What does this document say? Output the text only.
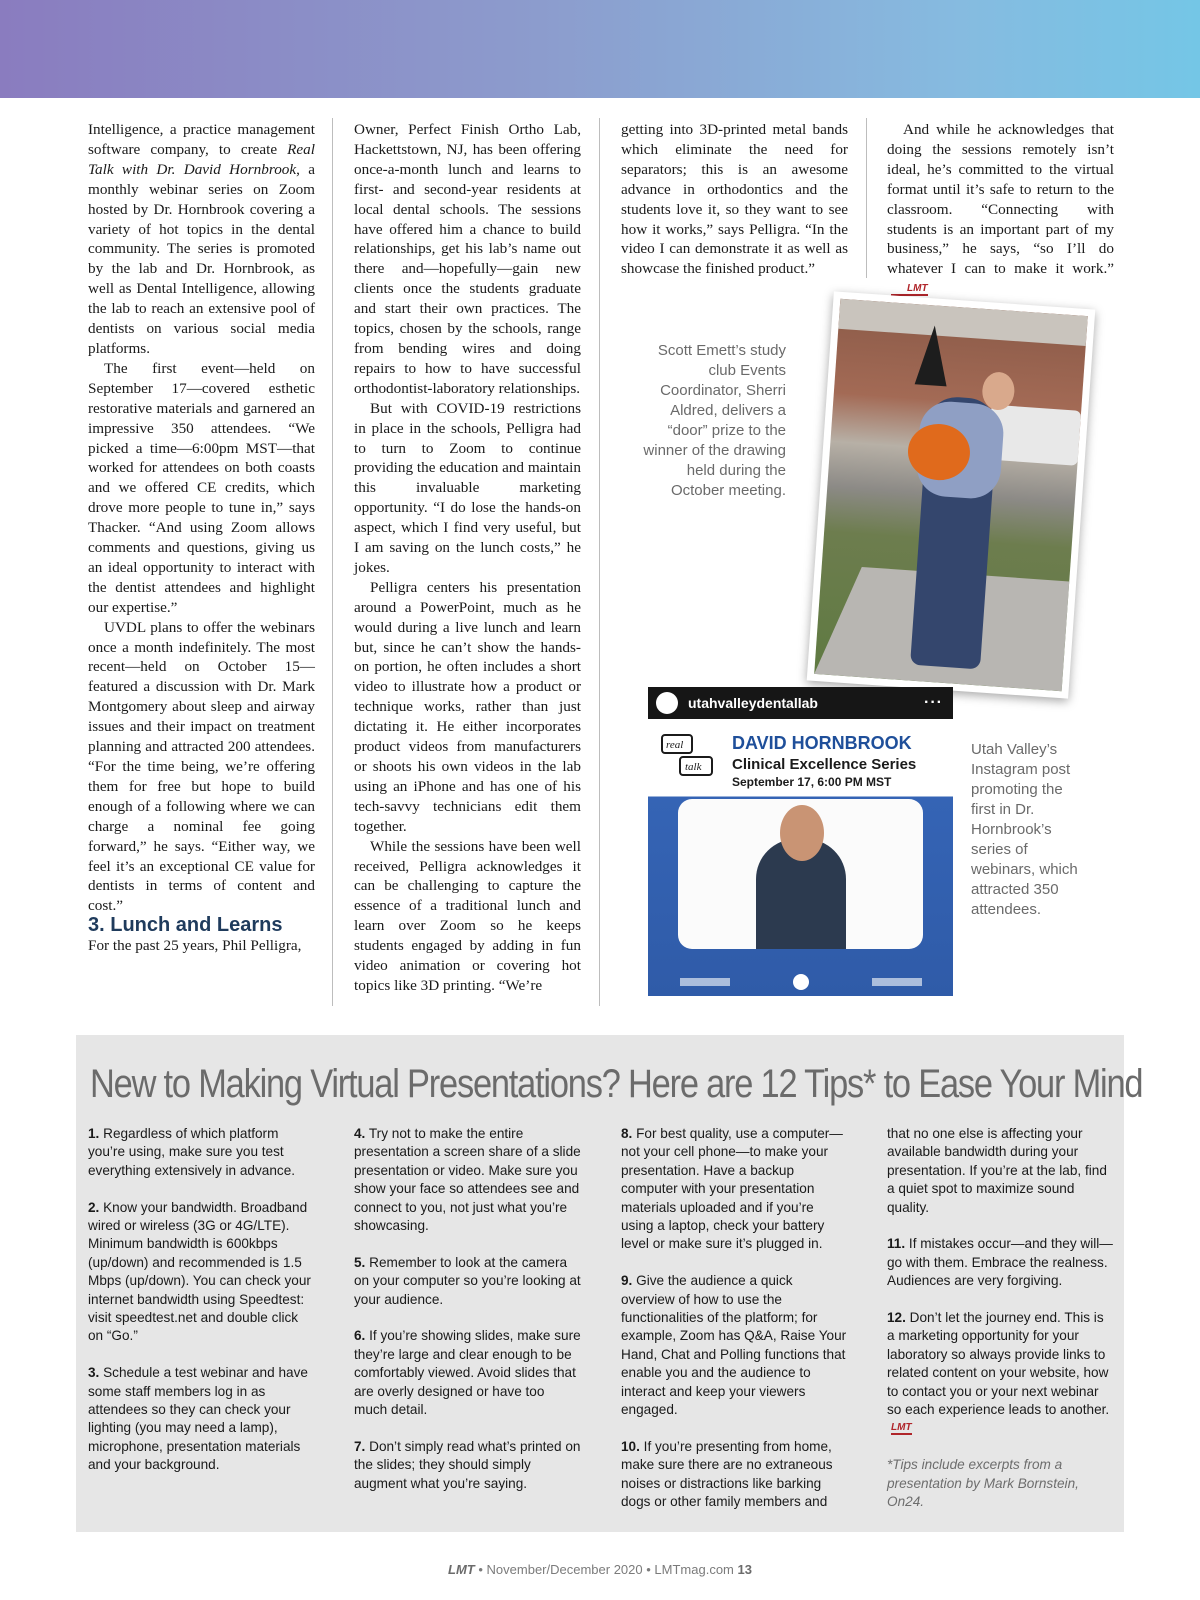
Intelligence, a practice management software company, to create Real Talk with Dr. David Hornbrook, a monthly webinar series on Zoom hosted by Dr. Hornbrook covering a variety of hot topics in the dental community. The series is promoted by the lab and Dr. Hornbrook, as well as Dental Intelligence, allowing the lab to reach an extensive pool of dentists on various social media platforms.

The first event—held on September 17—covered esthetic restorative materials and garnered an impressive 350 attendees. “We picked a time—6:00pm MST—that worked for attendees on both coasts and we offered CE credits, which drove more people to tune in,” says Thacker. “And using Zoom allows comments and questions, giving us an ideal opportunity to interact with the dentist attendees and highlight our expertise.”

UVDL plans to offer the webinars once a month indefinitely. The most recent—held on October 15—featured a discussion with Dr. Mark Montgomery about sleep and airway issues and their impact on treatment planning and attracted 200 attendees. “For the time being, we’re offering them for free but hope to build enough of a following where we can charge a nominal fee going forward,” he says. “Either way, we feel it’s an exceptional CE value for dentists in terms of content and cost.”

3. Lunch and Learns

For the past 25 years, Phil Pelligra,

Owner, Perfect Finish Ortho Lab, Hackettstown, NJ, has been offering once-a-month lunch and learns to first- and second-year residents at local dental schools. The sessions have offered him a chance to build relationships, get his lab’s name out there and—hopefully—gain new clients once the students graduate and start their own practices. The topics, chosen by the schools, range from bending wires and doing repairs to how to have successful orthodontist-laboratory relationships.

But with COVID-19 restrictions in place in the schools, Pelligra had to turn to Zoom to continue providing the education and maintain this invaluable marketing opportunity. “I do lose the hands-on aspect, which I find very useful, but I am saving on the lunch costs,” he jokes.

Pelligra centers his presentation around a PowerPoint, much as he would during a live lunch and learn but, since he can’t show the hands-on portion, he often includes a short video to illustrate how a product or technique works, rather than just dictating it. He either incorporates product videos from manufacturers or shoots his own videos in the lab using an iPhone and has one of his tech-savvy technicians edit them together.

While the sessions have been well received, Pelligra acknowledges it can be challenging to capture the essence of a traditional lunch and learn over Zoom so he keeps students engaged by adding in fun video animation or covering hot topics like 3D printing. “We’re

getting into 3D-printed metal bands which eliminate the need for separators; this is an awesome advance in orthodontics and the students love it, so they want to see how it works,” says Pelligra. “In the video I can demonstrate it as well as showcase the finished product.”

And while he acknowledges that doing the sessions remotely isn’t ideal, he’s committed to the virtual format until it’s safe to return to the classroom. “Connecting with students is an important part of my business,” he says, “so I’ll do whatever I can to make it work.”LMT

Scott Emett’s study club Events Coordinator, Sherri Aldred, delivers a “door” prize to the winner of the drawing held during the October meeting.
utahvalleydentallab	···
real
talk
DAVID HORNBROOK
Clinical Excellence Series
September 17, 6:00 PM MST
Utah Valley’s Instagram post promoting the first in Dr. Hornbrook’s series of webinars, which attracted 350 attendees.
New to Making Virtual Presentations? Here are 12 Tips* to Ease Your Mind

1. Regardless of which platform you’re using, make sure you test everything extensively in advance.

2. Know your bandwidth. Broadband wired or wireless (3G or 4G/LTE). Minimum bandwidth is 600kbps (up/down) and recommended is 1.5 Mbps (up/down). You can check your internet bandwidth using Speedtest: visit speedtest.net and double click on “Go.”

3. Schedule a test webinar and have some staff members log in as attendees so they can check your lighting (you may need a lamp), microphone, presentation materials and your background.

4. Try not to make the entire presentation a screen share of a slide presentation or video. Make sure you show your face so attendees see and connect to you, not just what you’re showcasing.

5. Remember to look at the camera on your computer so you’re looking at your audience.

6. If you’re showing slides, make sure they’re large and clear enough to be comfortably viewed. Avoid slides that are overly designed or have too much detail.

7. Don’t simply read what’s printed on the slides; they should simply augment what you’re saying.

8. For best quality, use a computer—not your cell phone—to make your presentation. Have a backup computer with your presentation materials uploaded and if you’re using a laptop, check your battery level or make sure it’s plugged in.

9. Give the audience a quick overview of how to use the functionalities of the platform; for example, Zoom has Q&A, Raise Your Hand, Chat and Polling functions that enable you and the audience to interact and keep your viewers engaged.

10. If you’re presenting from home, make sure there are no extraneous noises or distractions like barking dogs or other family members and

that no one else is affecting your available bandwidth during your presentation. If you’re at the lab, find a quiet spot to maximize sound quality.

11. If mistakes occur—and they will—go with them. Embrace the realness. Audiences are very forgiving.

12. Don’t let the journey end. This is a marketing opportunity for your laboratory so always provide links to related content on your website, how to contact you or your next webinar so each experience leads to another.LMT

*Tips include excerpts from a presentation by Mark Bornstein, On24.

LMT • November/December 2020 • LMTmag.com 13
